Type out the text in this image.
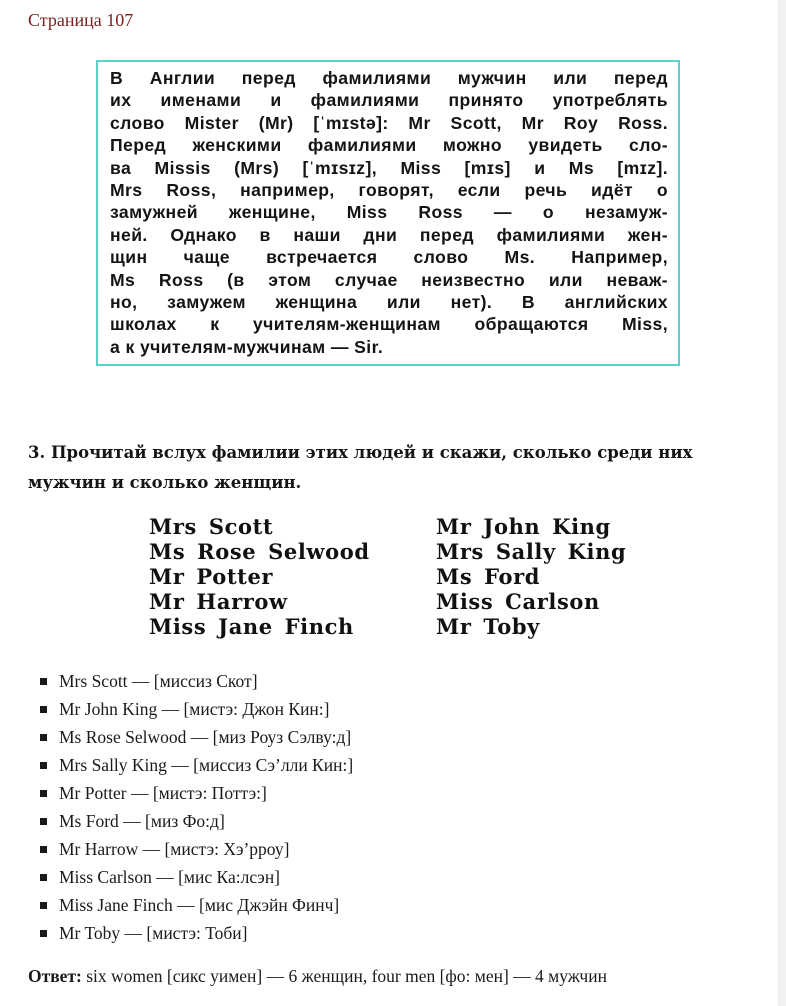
Страница 107
В Англии перед фамилиями мужчин или перед
их именами и фамилиями принято употреблять
слово Mister (Mr) [ˈmɪstə]: Mr Scott, Mr Roy Ross.
Перед женскими фамилиями можно увидеть сло-
ва Missis (Mrs) [ˈmɪsɪz], Miss [mɪs] и Ms [mɪz].
Mrs Ross, например, говорят, если речь идёт о
замужней женщине, Miss Ross — о незамуж-
ней. Однако в наши дни перед фамилиями жен-
щин чаще встречается слово Ms. Например,
Ms Ross (в этом случае неизвестно или неваж-
но, замужем женщина или нет). В английских
школах к учителям-женщинам обращаются Miss,
а к учителям-мужчинам — Sir.
3. Прочитай вслух фамилии этих людей и скажи, сколько среди них мужчин и сколько женщин.
Mrs Scott
Ms Rose Selwood
Mr Potter
Mr Harrow
Miss Jane Finch
Mr John King
Mrs Sally King
Ms Ford
Miss Carlson
Mr Toby
Mrs Scott — [миссиз Скот]
Mr John King — [мистэ: Джон Кин:]
Ms Rose Selwood — [миз Роуз Сэлву:д]
Mrs Sally King — [миссиз Сэ’лли Кин:]
Mr Potter — [мистэ: Поттэ:]
Ms Ford — [миз Фо:д]
Mr Harrow — [мистэ: Хэ’рроу]
Miss Carlson — [мис Ка:лсэн]
Miss Jane Finch — [мис Джэйн Финч]
Mr Toby — [мистэ: Тоби]
Ответ: six women [сикс уимен] — 6 женщин, four men [фо: мен] — 4 мужчин
